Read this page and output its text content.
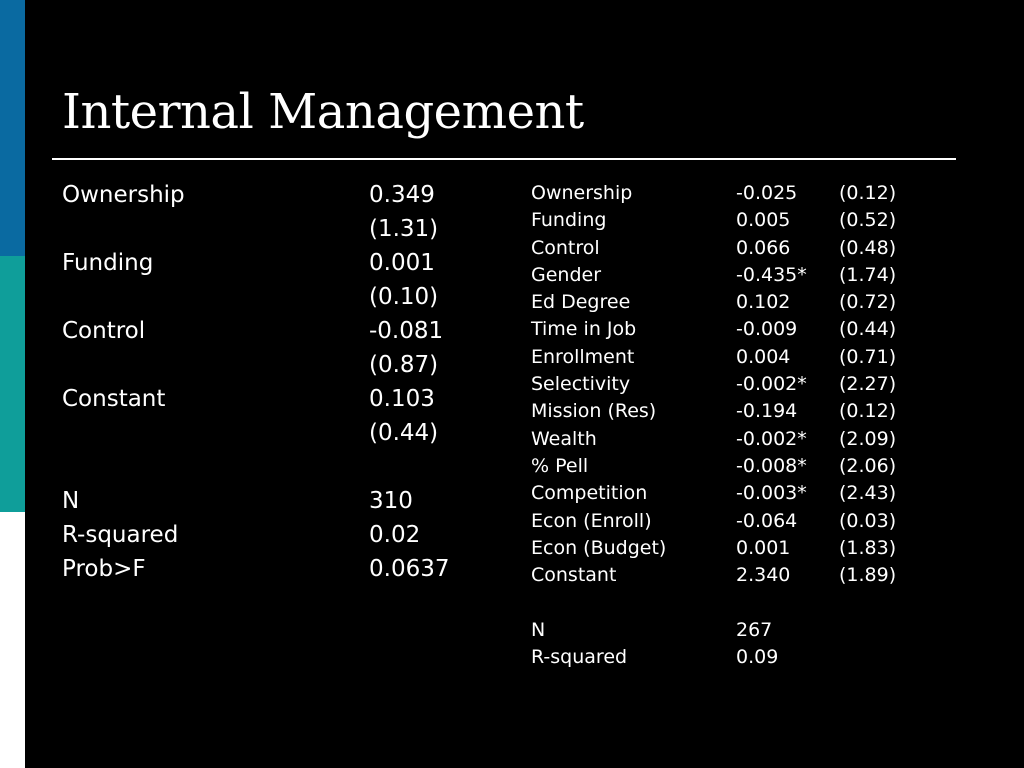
Internal Management
Ownership	0.349
(1.31)
Funding	0.001
(0.10)
Control	-0.081
(0.87)
Constant	0.103
(0.44)
N	310
R-squared	0.02
Prob>F	0.0637
Ownership	-0.025 (0.12)
Funding	0.005	(0.52)
Control	0.066	(0.48)
Gender	-0.435* (1.74)
Ed Degree	0.102	(0.72)
Time in Job	-0.009 (0.44)
Enrollment	0.004	(0.71)
Selectivity	-0.002* (2.27)
Mission (Res)	-0.194 (0.12)
Wealth	-0.002* (2.09)
% Pell	-0.008* (2.06)
Competition	-0.003* (2.43)
Econ (Enroll)	-0.064 (0.03)
Econ (Budget)	0.001	(1.83)
Constant	2.340	(1.89)
N	267
R-squared	0.09
